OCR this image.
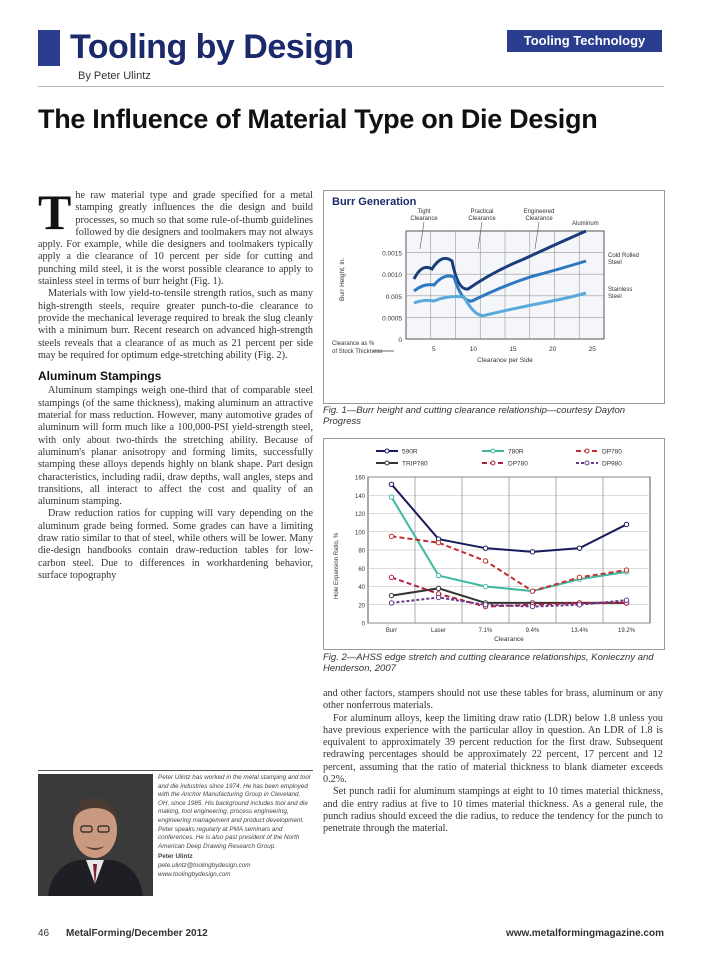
Tooling by Design
By Peter Ulintz
Tooling Technology
The Influence of Material Type on Die Design

The raw material type and grade specified for a metal stamping greatly influences the die design and build processes, so much so that some rule-of-thumb guidelines followed by die designers and toolmakers may not always apply. For example, while die designers and toolmakers typically apply a die clearance of 10 percent per side for cutting and punching mild steel, it is the worst possible clearance to apply to stainless steel in terms of burr height (Fig. 1).

Materials with low yield-to-tensile strength ratios, such as many high-strength steels, require greater punch-to-die clearance to provide the mechanical leverage required to break the slug cleanly with a minimum burr. Recent research on advanced high-strength steels reveals that a clearance of as much as 21 percent per side may be required for optimum edge-stretching ability (Fig. 2).

Aluminum Stampings

Aluminum stampings weigh one-third that of comparable steel stampings (of the same thickness), making aluminum an attractive material for mass reduction. However, many automotive grades of aluminum will form much like a 100,000-PSI yield-strength steel, with only about two-thirds the stretching ability. Because of aluminum's planar anisotropy and forming limits, successfully stamping these alloys depends highly on blank shape. Part design characteristics, including radii, draw depths, wall angles, steps and transitions, all interact to affect the cost and quality of an aluminum stamping.

Draw reduction ratios for cupping will vary depending on the aluminum grade being formed. Some grades can have a limiting draw ratio similar to that of steel, while others will be lower. Many die-design handbooks contain draw-reduction tables for low-carbon steel. Due to differences in workhardening behavior, surface topography

Burr Generation
0.0015
0.0010
0.005
0.0005
0
Burr Height, in.
5	10	15	20	25
Clearance per Side
Clearance as %
of Stock Thickness
Tight
Clearance
Practical
Clearance
Engineered
Clearance
Aluminum
Cold Rolled
Steel
Stainless
Steel
Fig. 1—Burr height and cutting clearance relationship—courtesy Dayton Progress
0
20
40
60
80
100
120
140
160
Burr	Laser	7.1%	9.4%	13.4%	19.2%
Clearance
Hole Expansion Ratio, %
590R	780R	DP780
TRIP780	DP780	DP980
Fig. 2—AHSS edge stretch and cutting clearance relationships, Konieczny and Henderson, 2007

and other factors, stampers should not use these tables for brass, aluminum or any other nonferrous materials.

For aluminum alloys, keep the limiting draw ratio (LDR) below 1.8 unless you have previous experience with the particular alloy in question. An LDR of 1.8 is equivalent to approximately 39 percent reduction for the first draw. Subsequent redrawing percentages should be approximately 22 percent, 17 percent and 12 percent, assuming that the ratio of material thickness to blank diameter exceeds 0.2%.

Set punch radii for aluminum stampings at eight to 10 times material thickness, and die entry radius at five to 10 times material thickness. As a general rule, the punch radius should exceed the die radius, to reduce the tendency for the punch to penetrate through the material.

Peter Ulintz has worked in the metal stamping and tool and die industries since 1974. He has been employed with the Anchor Manufacturing Group in Cleveland, OH, since 1985. His background includes tool and die making, tool engineering, process engineering, engineering management and product development. Peter speaks regularly at PMA seminars and conferences. He is also past president of the North American Deep Drawing Research Group.
Peter Ulintz
pete.ulintz@toolingbydesign.com
www.toolingbydesign.com
46 MetalForming/December 2012	www.metalformingmagazine.com
